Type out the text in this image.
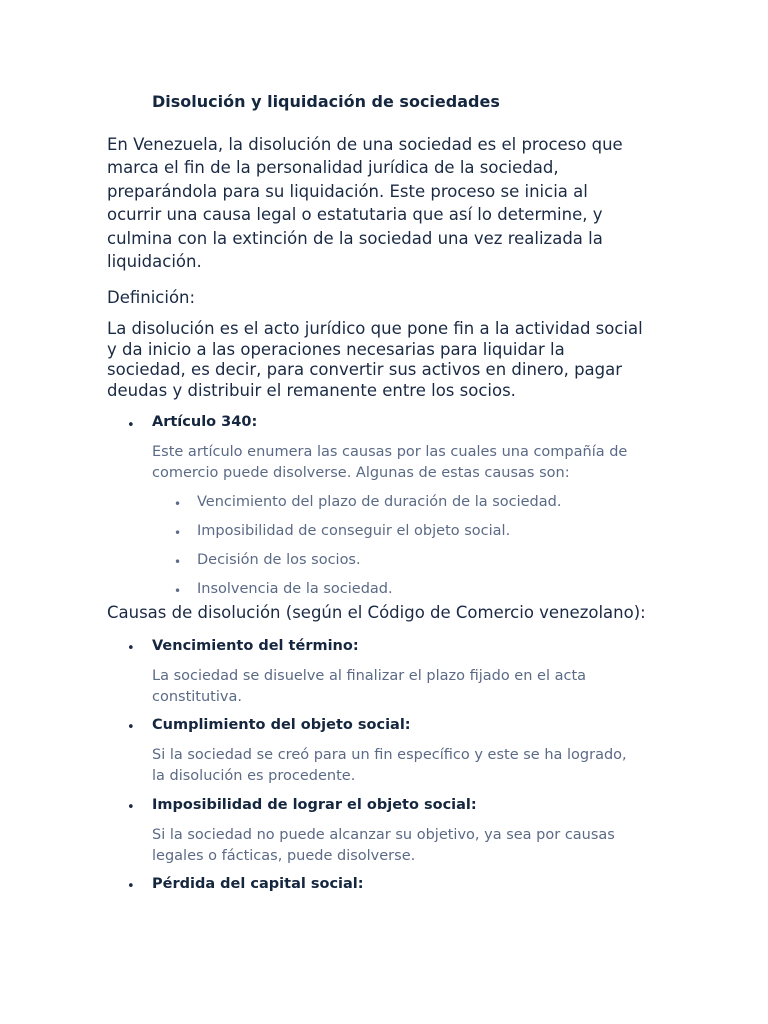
Disolución y liquidación de sociedades
En Venezuela, la disolución de una sociedad es el proceso que
marca el fin de la personalidad jurídica de la sociedad,
preparándola para su liquidación. Este proceso se inicia al
ocurrir una causa legal o estatutaria que así lo determine, y
culmina con la extinción de la sociedad una vez realizada la
liquidación.

Definición:

La disolución es el acto jurídico que pone fin a la actividad social
y da inicio a las operaciones necesarias para liquidar la
sociedad, es decir, para convertir sus activos en dinero, pagar
deudas y distribuir el remanente entre los socios.
• Artículo 340:

Este artículo enumera las causas por las cuales una compañía de
comercio puede disolverse. Algunas de estas causas son:
• Vencimiento del plazo de duración de la sociedad.

• Imposibilidad de conseguir el objeto social.

• Decisión de los socios.

• Insolvencia de la sociedad.

Causas de disolución (según el Código de Comercio venezolano):

• Vencimiento del término:

La sociedad se disuelve al finalizar el plazo fijado en el acta
constitutiva.
• Cumplimiento del objeto social:

Si la sociedad se creó para un fin específico y este se ha logrado,
la disolución es procedente.
• Imposibilidad de lograr el objeto social:

Si la sociedad no puede alcanzar su objetivo, ya sea por causas
legales o fácticas, puede disolverse.
• Pérdida del capital social:
